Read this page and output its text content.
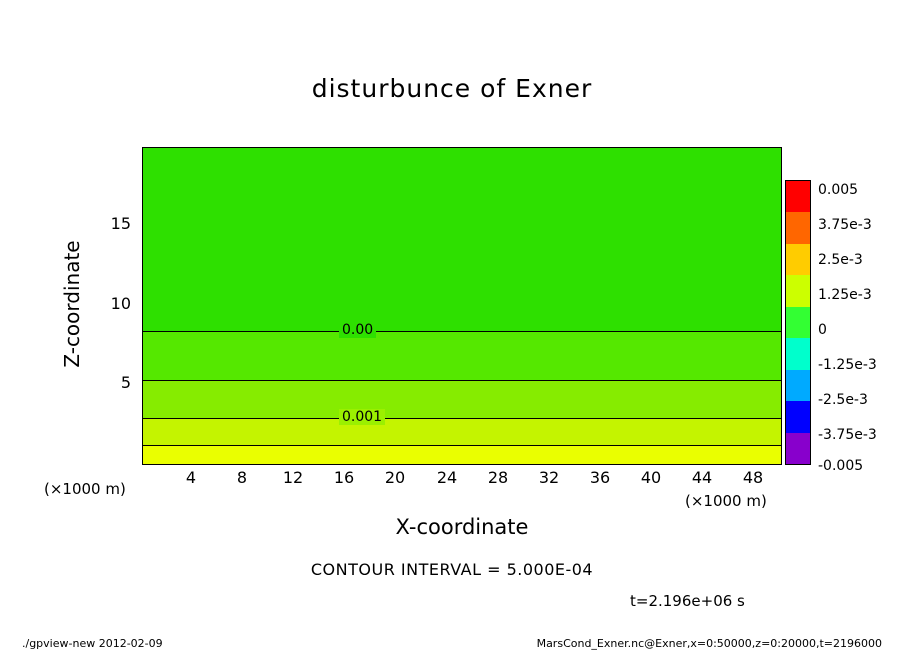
disturbunce of Exner
0.00
0.001
15
10
5
4	8	12	16	20	24	28	32	36	40	44	48
Z-coordinate
X-coordinate
(×1000 m)
(×1000 m)
0.005
3.75e-3
2.5e-3
1.25e-3
0
-1.25e-3
-2.5e-3
-3.75e-3
-0.005
CONTOUR INTERVAL = 5.000E-04
t=2.196e+06 s
./gpview-new 2012-02-09	MarsCond_Exner.nc@Exner,x=0:50000,z=0:20000,t=2196000
